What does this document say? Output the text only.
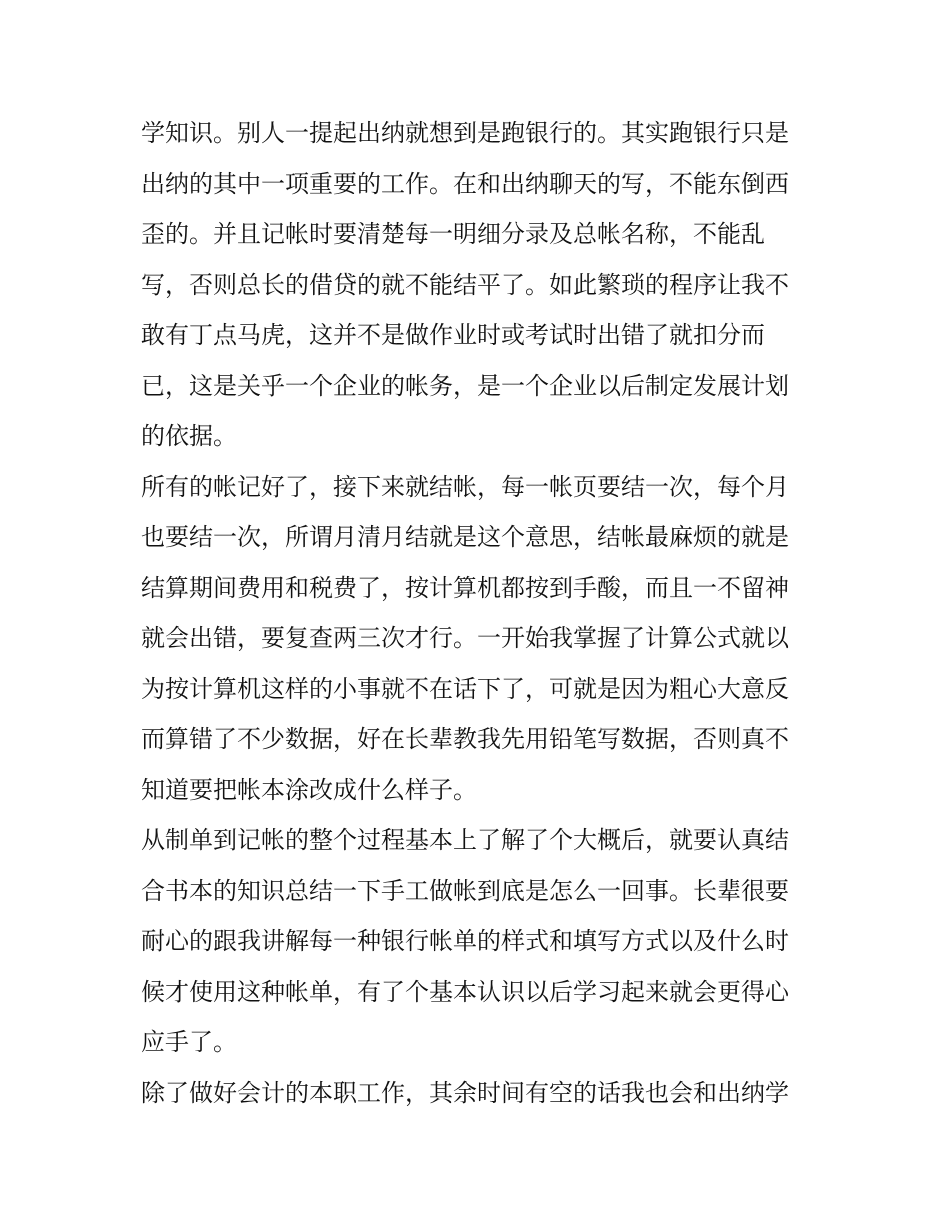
学知识。别人一提起出纳就想到是跑银行的。其实跑银行只是
出纳的其中一项重要的工作。在和出纳聊天的写，不能东倒西
歪的。并且记帐时要清楚每一明细分录及总帐名称，不能乱
写，否则总长的借贷的就不能结平了。如此繁琐的程序让我不
敢有丁点马虎，这并不是做作业时或考试时出错了就扣分而
已，这是关乎一个企业的帐务，是一个企业以后制定发展计划
的依据。
所有的帐记好了，接下来就结帐，每一帐页要结一次，每个月
也要结一次，所谓月清月结就是这个意思，结帐最麻烦的就是
结算期间费用和税费了，按计算机都按到手酸，而且一不留神
就会出错，要复查两三次才行。一开始我掌握了计算公式就以
为按计算机这样的小事就不在话下了，可就是因为粗心大意反
而算错了不少数据，好在长辈教我先用铅笔写数据，否则真不
知道要把帐本涂改成什么样子。
从制单到记帐的整个过程基本上了解了个大概后，就要认真结
合书本的知识总结一下手工做帐到底是怎么一回事。长辈很要
耐心的跟我讲解每一种银行帐单的样式和填写方式以及什么时
候才使用这种帐单，有了个基本认识以后学习起来就会更得心
应手了。
除了做好会计的本职工作，其余时间有空的话我也会和出纳学
